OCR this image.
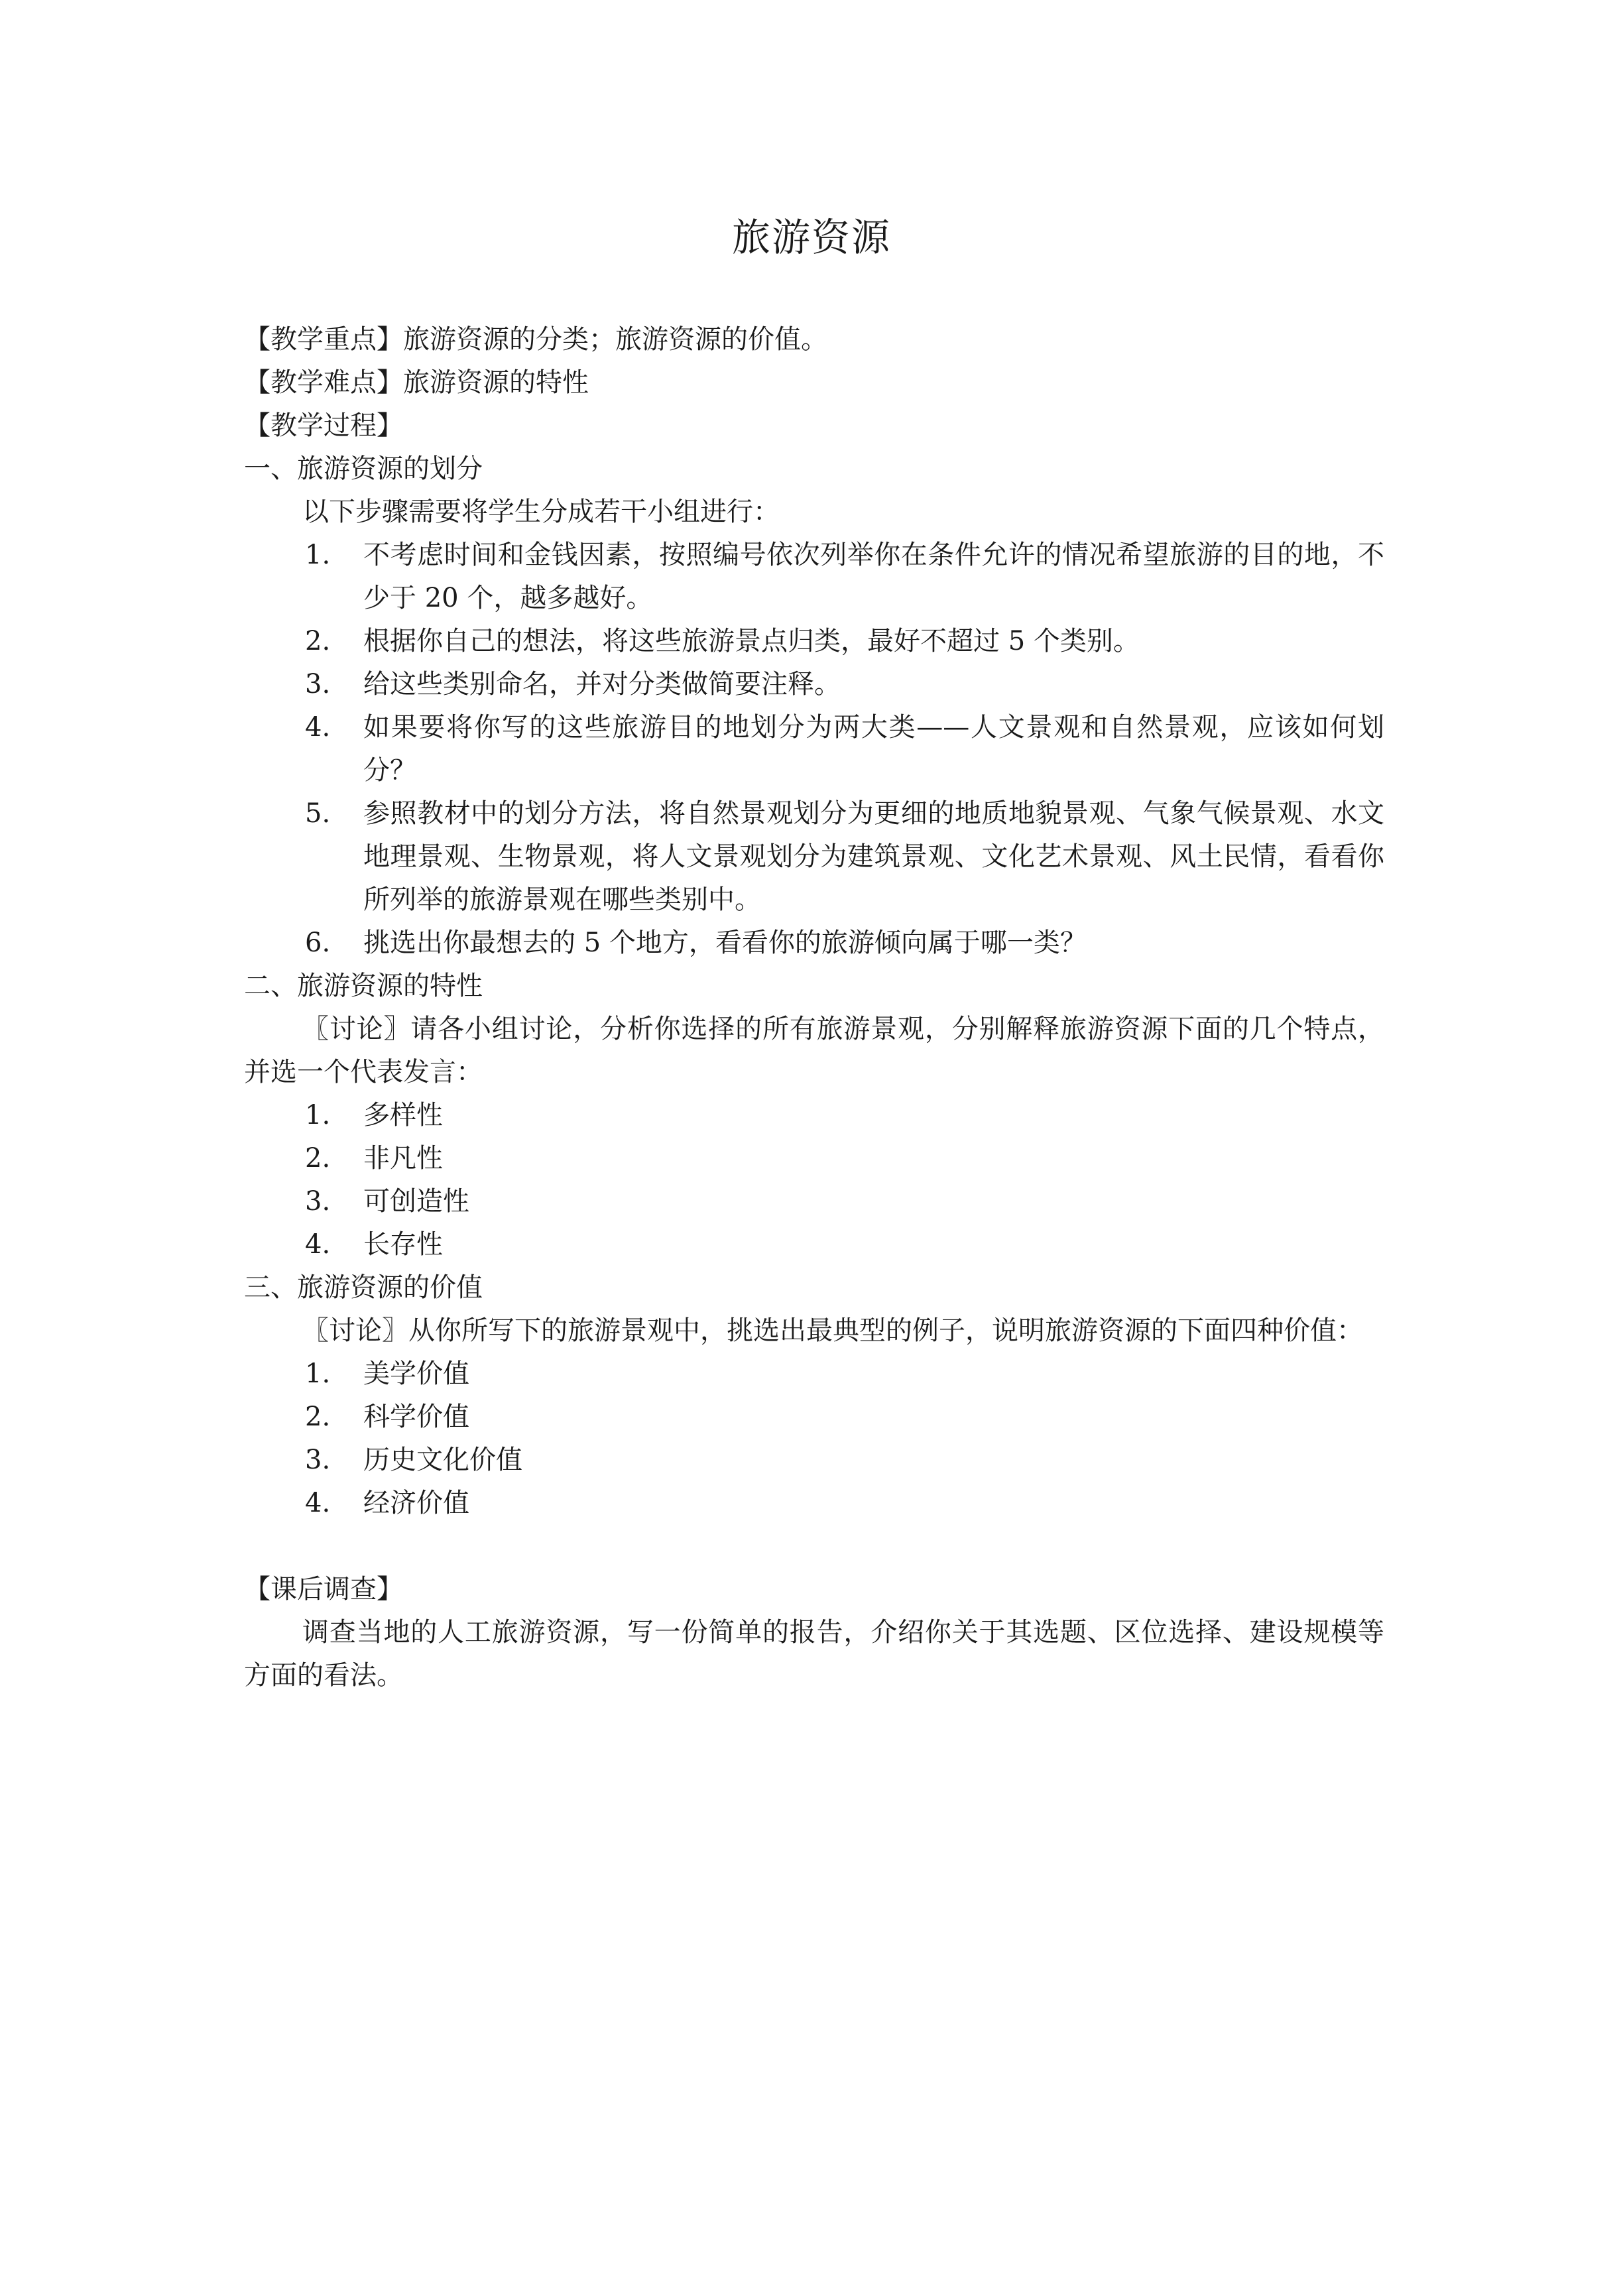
旅游资源
【教学重点】旅游资源的分类；旅游资源的价值。
【教学难点】旅游资源的特性
【教学过程】
一、旅游资源的划分
以下步骤需要将学生分成若干小组进行：
1. 不考虑时间和金钱因素，按照编号依次列举你在条件允许的情况希望旅游的目的地，不少于 20 个，越多越好。
2. 根据你自己的想法，将这些旅游景点归类，最好不超过 5 个类别。
3. 给这些类别命名，并对分类做简要注释。
4. 如果要将你写的这些旅游目的地划分为两大类——人文景观和自然景观，应该如何划分？
5. 参照教材中的划分方法，将自然景观划分为更细的地质地貌景观、气象气候景观、水文地理景观、生物景观，将人文景观划分为建筑景观、文化艺术景观、风土民情，看看你所列举的旅游景观在哪些类别中。
6. 挑选出你最想去的 5 个地方，看看你的旅游倾向属于哪一类？
二、旅游资源的特性
〖讨论〗请各小组讨论，分析你选择的所有旅游景观，分别解释旅游资源下面的几个特点，并选一个代表发言：
1. 多样性
2. 非凡性
3. 可创造性
4. 长存性
三、旅游资源的价值
〖讨论〗从你所写下的旅游景观中，挑选出最典型的例子，说明旅游资源的下面四种价值：
1. 美学价值
2. 科学价值
3. 历史文化价值
4. 经济价值
【课后调查】
调查当地的人工旅游资源，写一份简单的报告，介绍你关于其选题、区位选择、建设规模等方面的看法。
